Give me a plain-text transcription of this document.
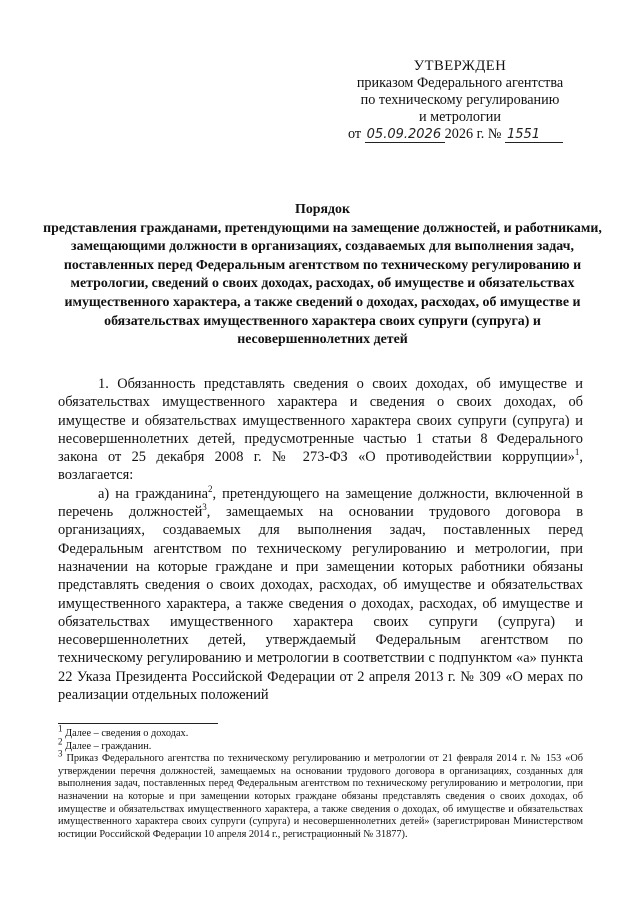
УТВЕРЖДЕН
приказом Федерального агентства
по техническому регулированию
и метрологии
от 05.09.2026 2026 г. № 1551
Порядок
представления гражданами, претендующими на замещение должностей, и работниками, замещающими должности в организациях, создаваемых для выполнения задач, поставленных перед Федеральным агентством по техническому регулированию и метрологии, сведений о своих доходах, расходах, об имуществе и обязательствах имущественного характера, а также сведений о доходах, расходах, об имуществе и обязательствах имущественного характера своих супруги (супруга) и несовершеннолетних детей

1. Обязанность представлять сведения о своих доходах, об имуществе и обязательствах имущественного характера и сведения о своих доходах, об имуществе и обязательствах имущественного характера своих супруги (супруга) и несовершеннолетних детей, предусмотренные частью 1 статьи 8 Федерального закона от 25 декабря 2008 г. № 273-ФЗ «О противодействии коррупции»$^1$, возлагается:

а) на гражданина$^2$, претендующего на замещение должности, включенной в перечень должностей$^3$, замещаемых на основании трудового договора в организациях, создаваемых для выполнения задач, поставленных перед Федеральным агентством по техническому регулированию и метрологии, при назначении на которые граждане и при замещении которых работники обязаны представлять сведения о своих доходах, расходах, об имуществе и обязательствах имущественного характера, а также сведения о доходах, расходах, об имуществе и обязательствах имущественного характера своих супруги (супруга) и несовершеннолетних детей, утверждаемый Федеральным агентством по техническому регулированию и метрологии в соответствии с подпунктом «а» пункта 22 Указа Президента Российской Федерации от 2 апреля 2013 г. № 309 «О мерах по реализации отдельных положений

$^1$ Далее – сведения о доходах.

$^2$ Далее – гражданин.

$^3$ Приказ Федерального агентства по техническому регулированию и метрологии от 21 февраля 2014 г. № 153 «Об утверждении перечня должностей, замещаемых на основании трудового договора в организациях, созданных для выполнения задач, поставленных перед Федеральным агентством по техническому регулированию и метрологии, при назначении на которые и при замещении которых граждане обязаны представлять сведения о своих доходах, об имуществе и обязательствах имущественного характера, а также сведения о доходах, об имуществе и обязательствах имущественного характера своих супруги (супруга) и несовершеннолетних детей» (зарегистрирован Министерством юстиции Российской Федерации 10 апреля 2014 г., регистрационный № 31877).
